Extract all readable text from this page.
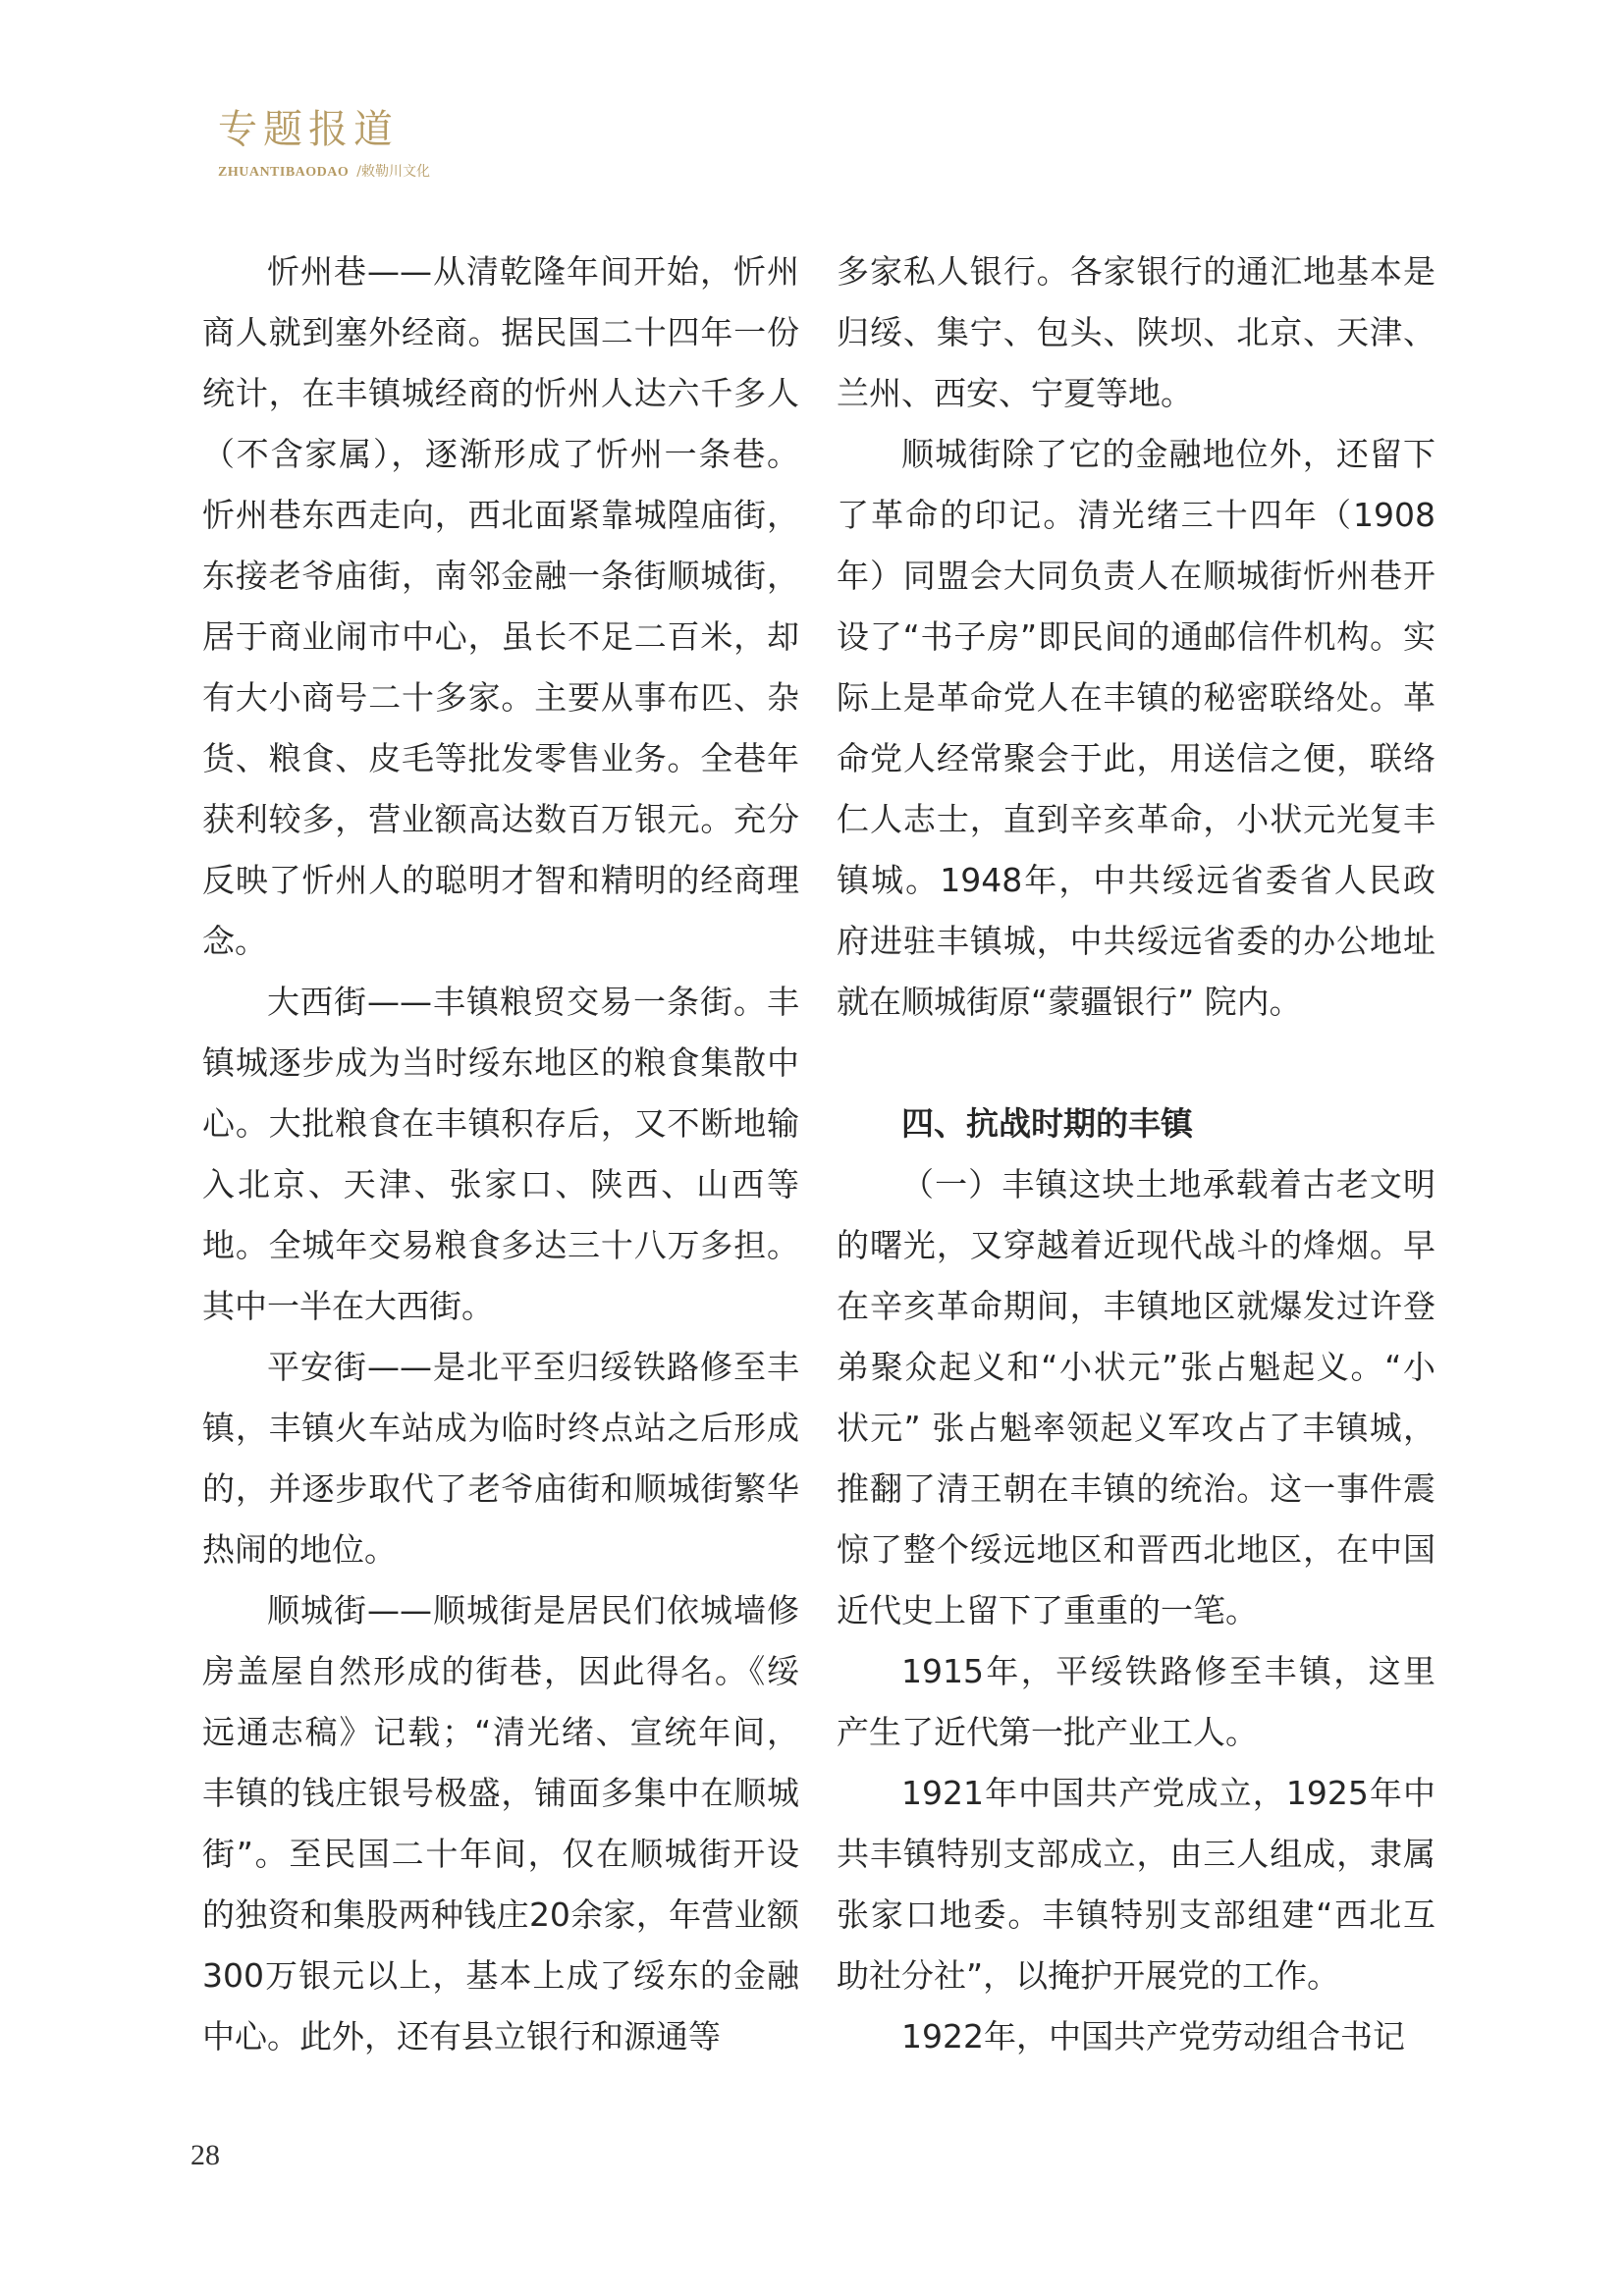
专题报道
ZHUANTIBAODAO /敕勒川文化

忻州巷——从清乾隆年间开始，忻州商人就到塞外经商。据民国二十四年一份统计，在丰镇城经商的忻州人达六千多人（不含家属），逐渐形成了忻州一条巷。忻州巷东西走向，西北面紧靠城隍庙街，东接老爷庙街，南邻金融一条街顺城街，居于商业闹市中心，虽长不足二百米，却有大小商号二十多家。主要从事布匹、杂货、粮食、皮毛等批发零售业务。全巷年获利较多，营业额高达数百万银元。充分反映了忻州人的聪明才智和精明的经商理念。

大西街——丰镇粮贸交易一条街。丰镇城逐步成为当时绥东地区的粮食集散中心。大批粮食在丰镇积存后，又不断地输入北京、天津、张家口、陕西、山西等地。全城年交易粮食多达三十八万多担。其中一半在大西街。

平安街——是北平至归绥铁路修至丰镇，丰镇火车站成为临时终点站之后形成的，并逐步取代了老爷庙街和顺城街繁华热闹的地位。

顺城街——顺城街是居民们依城墙修房盖屋自然形成的街巷，因此得名。《绥远通志稿》记载；“清光绪、宣统年间，丰镇的钱庄银号极盛，铺面多集中在顺城街”。至民国二十年间，仅在顺城街开设的独资和集股两种钱庄20余家，年营业额300万银元以上，基本上成了绥东的金融中心。此外，还有县立银行和源通等

多家私人银行。各家银行的通汇地基本是归绥、集宁、包头、陕坝、北京、天津、兰州、西安、宁夏等地。

顺城街除了它的金融地位外，还留下了革命的印记。清光绪三十四年（1908年）同盟会大同负责人在顺城街忻州巷开设了“书子房”即民间的通邮信件机构。实际上是革命党人在丰镇的秘密联络处。革命党人经常聚会于此，用送信之便，联络仁人志士，直到辛亥革命，小状元光复丰镇城。1948年，中共绥远省委省人民政府进驻丰镇城，中共绥远省委的办公地址就在顺城街原“蒙疆银行” 院内。

四、抗战时期的丰镇

（一）丰镇这块土地承载着古老文明的曙光，又穿越着近现代战斗的烽烟。早在辛亥革命期间，丰镇地区就爆发过许登弟聚众起义和“小状元”张占魁起义。“小状元” 张占魁率领起义军攻占了丰镇城，推翻了清王朝在丰镇的统治。这一事件震惊了整个绥远地区和晋西北地区，在中国近代史上留下了重重的一笔。

1915年，平绥铁路修至丰镇，这里产生了近代第一批产业工人。

1921年中国共产党成立，1925年中共丰镇特别支部成立，由三人组成，隶属张家口地委。丰镇特别支部组建“西北互助社分社”，以掩护开展党的工作。

1922年，中国共产党劳动组合书记

28
